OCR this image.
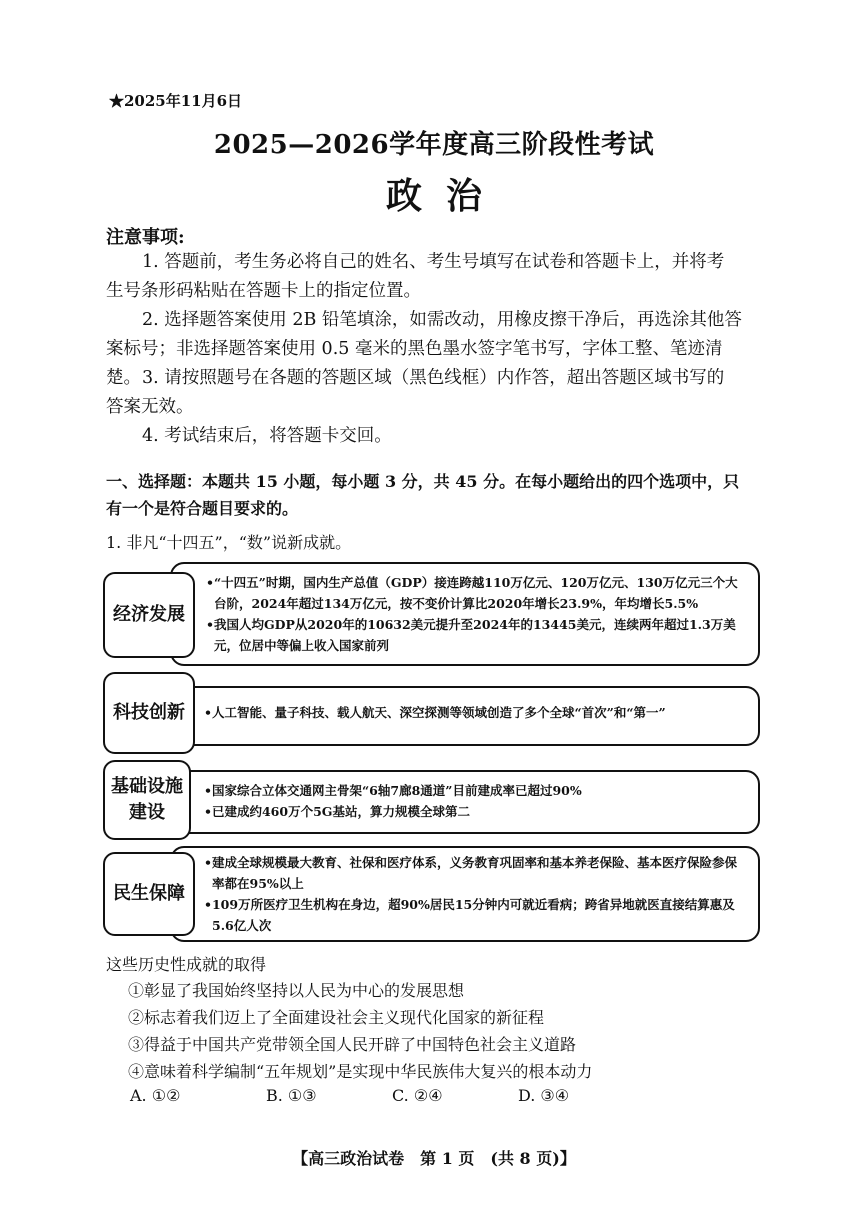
★2025年11月6日
2025—2026学年度高三阶段性考试
政治
注意事项:
1. 答题前，考生务必将自己的姓名、考生号填写在试卷和答题卡上，并将考
生号条形码粘贴在答题卡上的指定位置。
2. 选择题答案使用 2B 铅笔填涂，如需改动，用橡皮擦干净后，再选涂其他答
案标号；非选择题答案使用 0.5 毫米的黑色墨水签字笔书写，字体工整、笔迹清楚。 3. 请按照题号在各题的答题区域（黑色线框）内作答，超出答题区域书写的
答案无效。
4. 考试结束后，将答题卡交回。
一、选择题：本题共 15 小题，每小题 3 分，共 45 分。在每小题给出的四个选项中，只有一个是符合题目要求的。
1. 非凡“十四五”，“数”说新成就。
经济发展
•“十四五”时期，国内生产总值（GDP）接连跨越110万亿元、120万亿元、130万亿元三个大台阶，2024年超过134万亿元，按不变价计算比2020年增长23.9%，年均增长5.5%
•我国人均GDP从2020年的10632美元提升至2024年的13445美元，连续两年超过1.3万美元，位居中等偏上收入国家前列
科技创新	•人工智能、量子科技、载人航天、深空探测等领域创造了多个全球“首次”和“第一”
基础设施建设
•国家综合立体交通网主骨架“6轴7廊8通道”目前建成率已超过90%
•已建成约460万个5G基站，算力规模全球第二
民生保障
•建成全球规模最大教育、社保和医疗体系，义务教育巩固率和基本养老保险、基本医疗保险参保率都在95%以上
•109万所医疗卫生机构在身边，超90%居民15分钟内可就近看病；跨省异地就医直接结算惠及5.6亿人次
这些历史性成就的取得
①彰显了我国始终坚持以人民为中心的发展思想
②标志着我们迈上了全面建设社会主义现代化国家的新征程
③得益于中国共产党带领全国人民开辟了中国特色社会主义道路
④意味着科学编制“五年规划”是实现中华民族伟大复兴的根本动力
A. ①②	B. ①③	C. ②④	D. ③④
【高三政治试卷　第 1 页　(共 8 页)】
